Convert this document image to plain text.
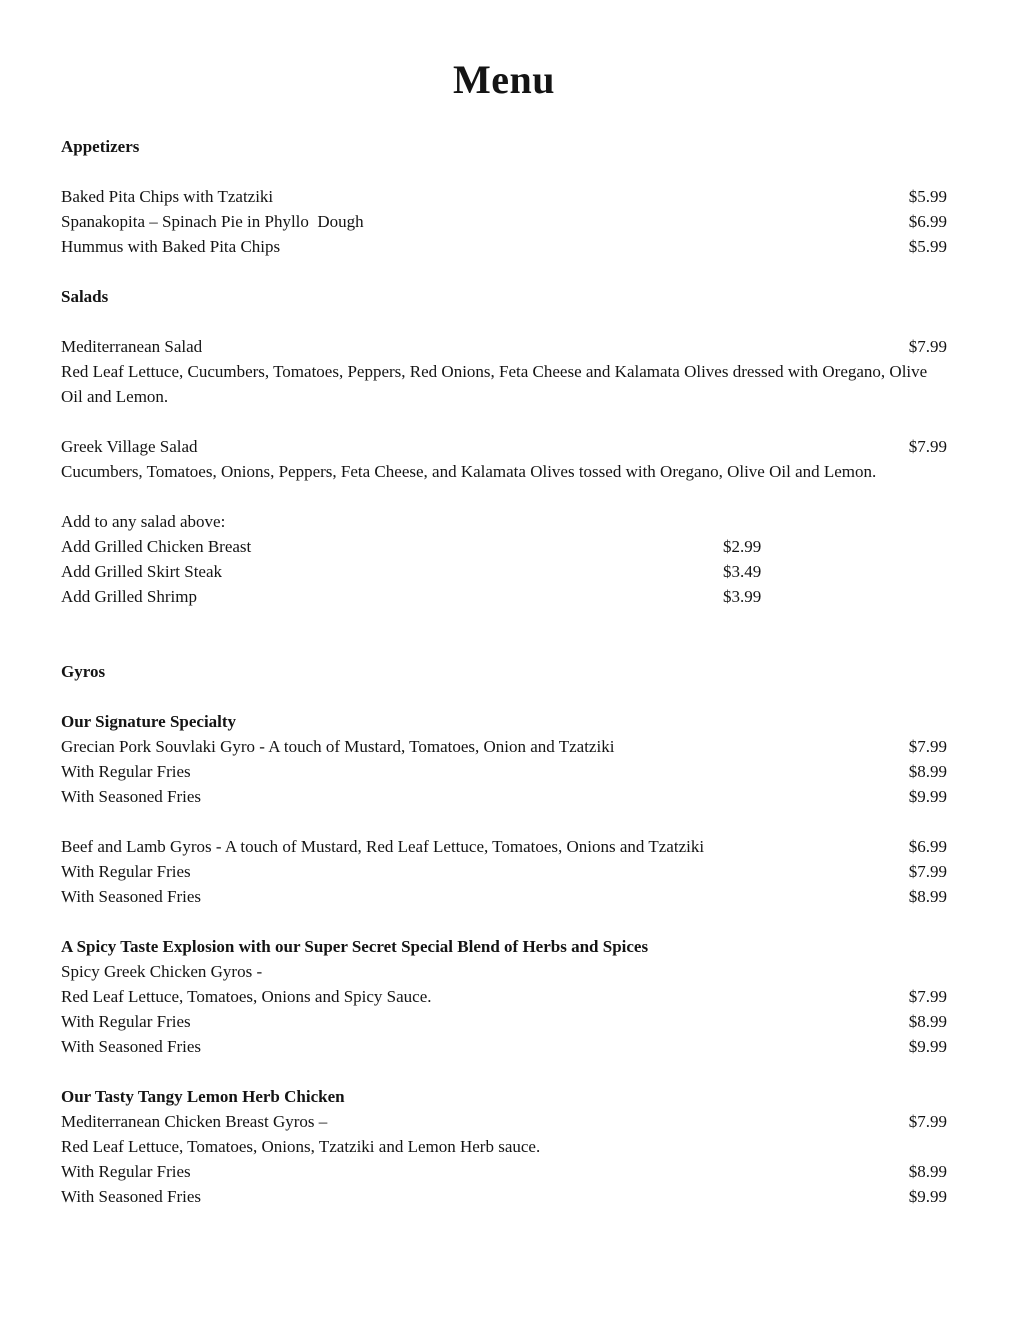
Menu
Appetizers
Baked Pita Chips with Tzatziki	$5.99
Spanakopita – Spinach Pie in Phyllo  Dough	$6.99
Hummus with Baked Pita Chips	$5.99
Salads
Mediterranean Salad	$7.99

Red Leaf Lettuce, Cucumbers, Tomatoes, Peppers, Red Onions, Feta Cheese and Kalamata Olives dressed with Oregano, Olive Oil and Lemon.

Greek Village Salad	$7.99

Cucumbers, Tomatoes, Onions, Peppers, Feta Cheese, and Kalamata Olives tossed with Oregano, Olive Oil and Lemon.

Add to any salad above:
Add Grilled Chicken Breast	$2.99
Add Grilled Skirt Steak	$3.49
Add Grilled Shrimp	$3.99
Gyros
Our Signature Specialty
Grecian Pork Souvlaki Gyro - A touch of Mustard, Tomatoes, Onion and Tzatziki	$7.99
With Regular Fries	$8.99
With Seasoned Fries	$9.99
Beef and Lamb Gyros - A touch of Mustard, Red Leaf Lettuce, Tomatoes, Onions and Tzatziki	$6.99
With Regular Fries	$7.99
With Seasoned Fries	$8.99
A Spicy Taste Explosion with our Super Secret Special Blend of Herbs and Spices
Spicy Greek Chicken Gyros -
Red Leaf Lettuce, Tomatoes, Onions and Spicy Sauce.	$7.99
With Regular Fries	$8.99
With Seasoned Fries	$9.99
Our Tasty Tangy Lemon Herb Chicken
Mediterranean Chicken Breast Gyros –	$7.99
Red Leaf Lettuce, Tomatoes, Onions, Tzatziki and Lemon Herb sauce.
With Regular Fries	$8.99
With Seasoned Fries	$9.99
